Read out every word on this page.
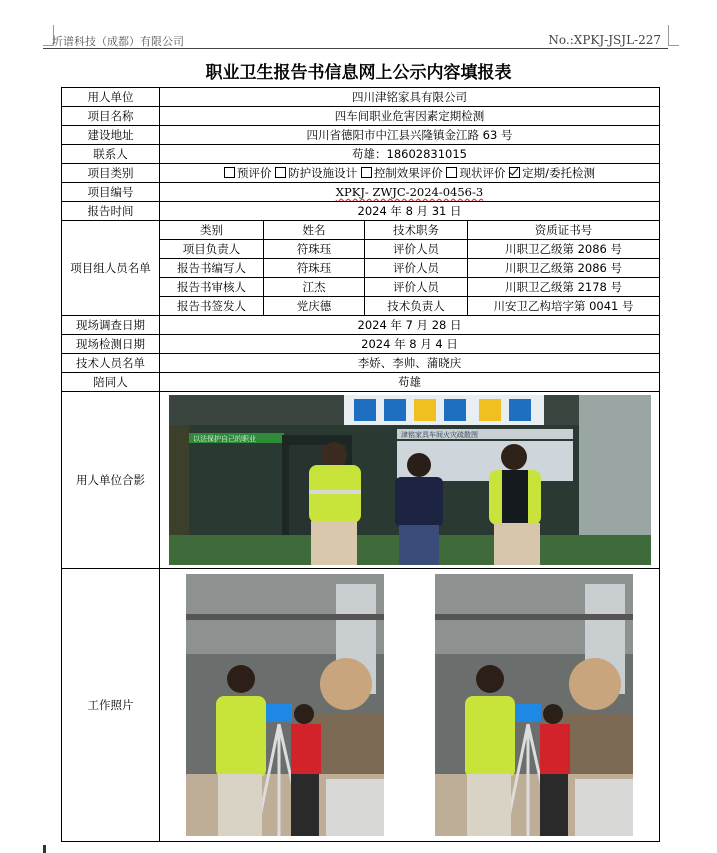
圻谱科技（成都）有限公司	No.:XPKJ-JSJL-227
职业卫生报告书信息网上公示内容填报表
用人单位	四川津铭家具有限公司			
项目名称	四车间职业危害因素定期检测			
建设地址	四川省德阳市中江县兴隆镇金江路 63 号			
联系人	苟雄：18602831015			
项目类别	预评价 防护设施设计 控制效果评价 现状评价 定期/委托检测			
项目编号	XPKJ- ZWJC-2024-0456-3			
报告时间	2024 年 8 月 31 日			
项目组人员名单	类别	姓名	技术职务	资质证书号
	项目负责人	符珠珏	评价人员	川职卫乙级第 2086 号
	报告书编写人	符珠珏	评价人员	川职卫乙级第 2086 号
	报告书审核人	江杰	评价人员	川职卫乙级第 2178 号
	报告书签发人	党庆德	技术负责人	川安卫乙构培字第 0041 号
现场调查日期	2024 年 7 月 28 日			
现场检测日期	2024 年 8 月 4 日			
技术人员名单	李娇、李帅、蒲晓庆			
陪同人	苟雄			
用人单位合影	以法保护自己的职业 津铭家具车间火灾疏散图			

工作照片	
